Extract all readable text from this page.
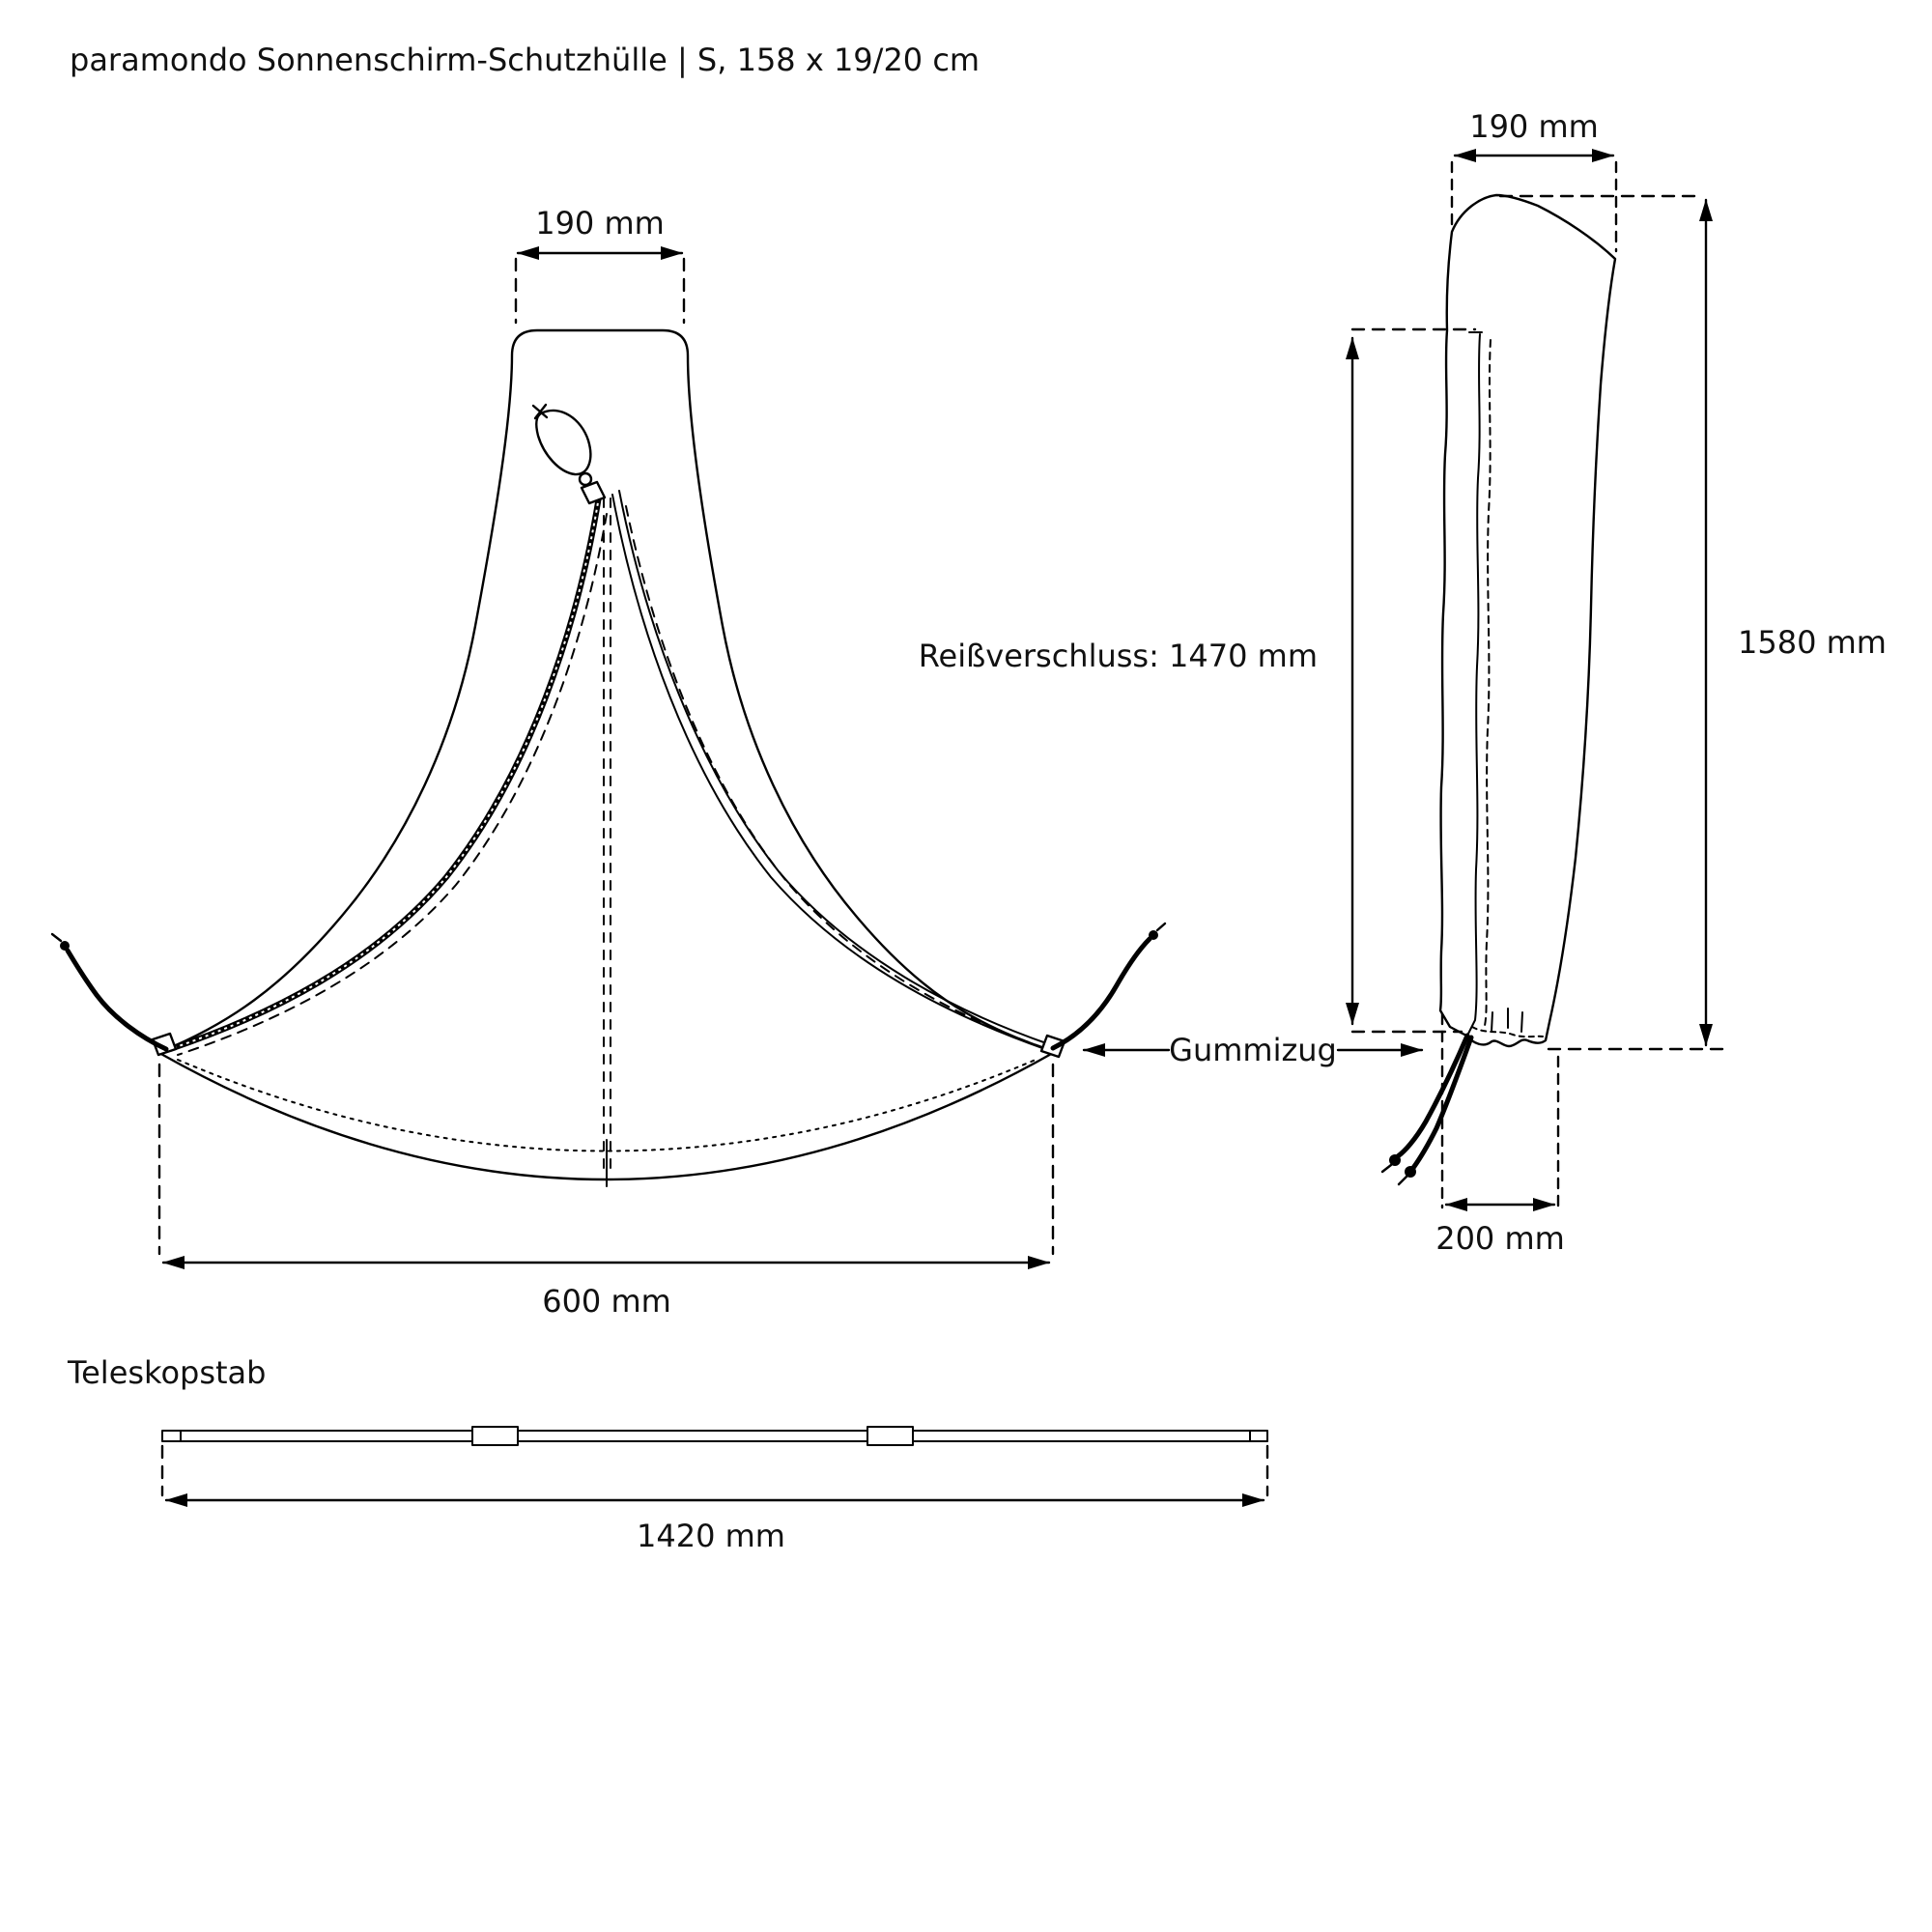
paramondo Sonnenschirm-Schutzhülle | S, 158 x 19/20 cm
190 mm
600 mm
190 mm
1580 mm
Reißverschluss: 1470 mm
Gummizug
200 mm
Teleskopstab
1420 mm
